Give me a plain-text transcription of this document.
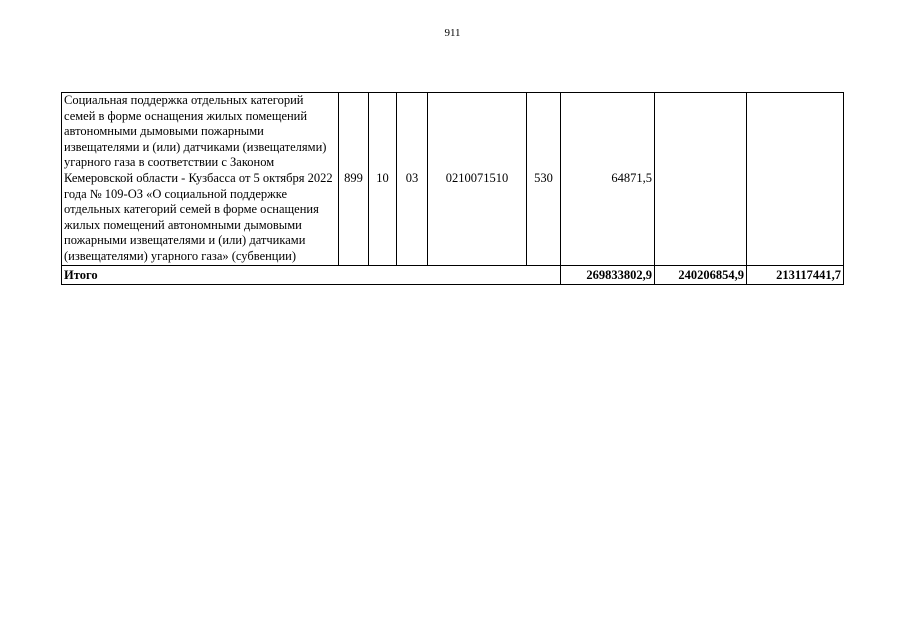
911
Социальная поддержка отдельных категорий семей в форме оснащения жилых помещений автономными дымовыми пожарными извещателями и (или) датчиками (извещателями) угарного газа в соответствии с Законом Кемеровской области - Кузбасса от 5 октября 2022 года № 109-ОЗ «О социальной поддержке отдельных категорий семей в форме оснащения жилых помещений автономными дымовыми пожарными извещателями и (или) датчиками (извещателями) угарного газа» (субвенции)	899	10	03	0210071510	530	64871,5		
Итого						269833802,9	240206854,9	213117441,7
